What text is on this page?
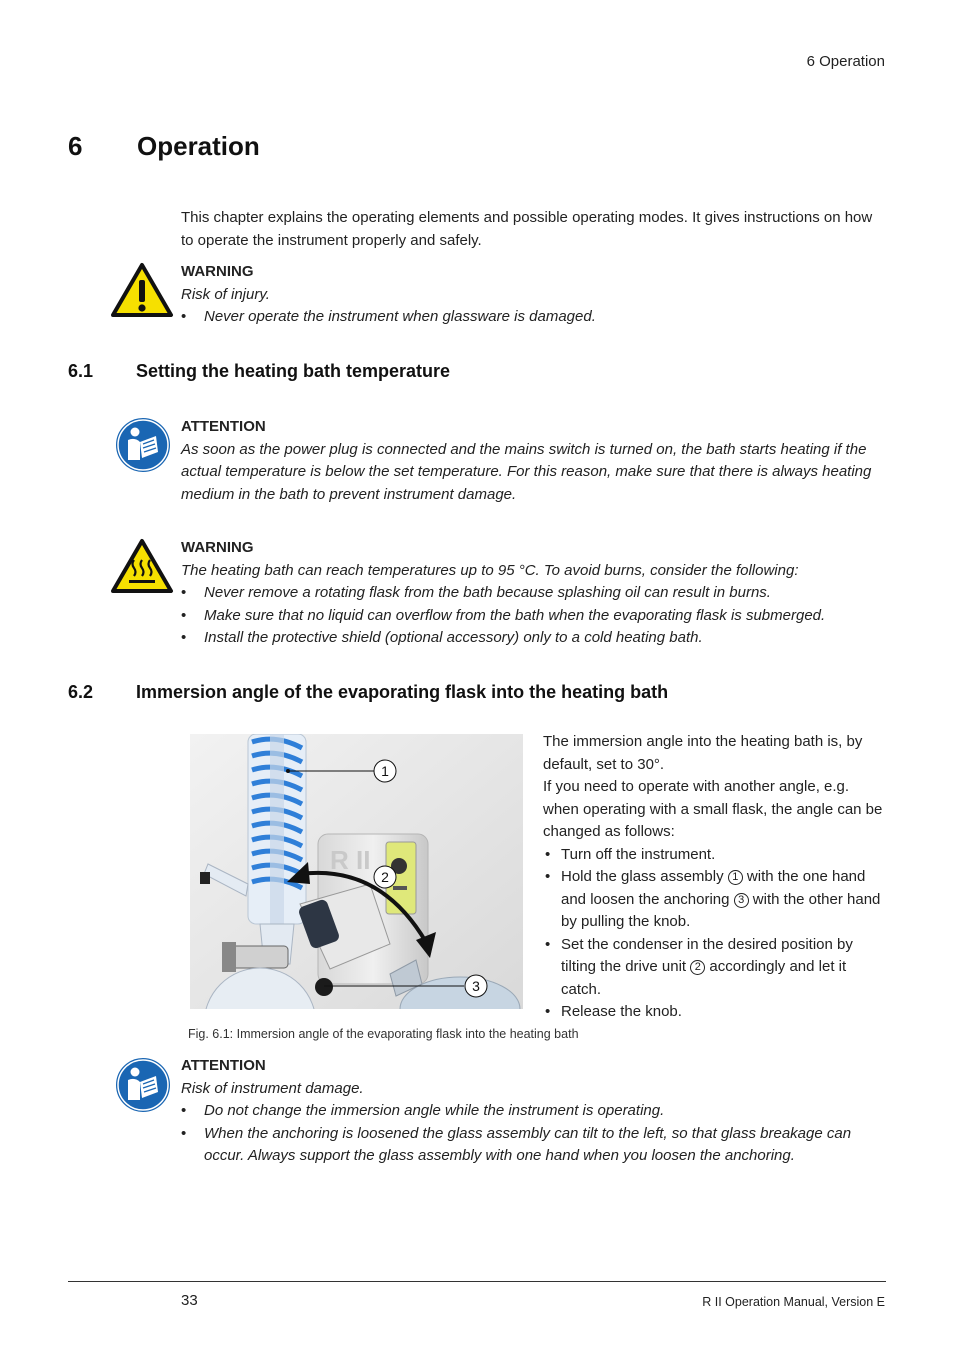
6 Operation
6 Operation
This chapter explains the operating elements and possible operating modes. It gives instructions on how to operate the instrument properly and safely.
WARNING
Risk of injury.
• Never operate the instrument when glassware is damaged.
6.1 Setting the heating bath temperature
ATTENTION
As soon as the power plug is connected and the mains switch is turned on, the bath starts heating if the actual temperature is below the set temperature. For this reason, make sure that there is always heating medium in the bath to prevent instrument damage.
WARNING
The heating bath can reach temperatures up to 95 °C. To avoid burns, consider the following:
• Never remove a rotating flask from the bath because splashing oil can result in burns.
• Make sure that no liquid can overflow from the bath when the evaporating flask is submerged.
• Install the protective shield (optional accessory) only to a cold heating bath.
6.2 Immersion angle of the evaporating flask into the heating bath
R II
1
2
3
The immersion angle into the heating bath is, by default, set to 30°.
If you need to operate with another angle, e.g. when operating with a small flask, the angle can be changed as follows:
• Turn off the instrument.
• Hold the glass assembly 1 with the one hand and loosen the anchoring 3 with the other hand by pulling the knob.
• Set the condenser in the desired position by tilting the drive unit 2 accordingly and let it catch.
• Release the knob.
Fig. 6.1: Immersion angle of the evaporating flask into the heating bath
ATTENTION
Risk of instrument damage.
• Do not change the immersion angle while the instrument is operating.
• When the anchoring is loosened the glass assembly can tilt to the left, so that glass breakage can occur. Always support the glass assembly with one hand when you loosen the anchoring.
33	R II Operation Manual, Version E
